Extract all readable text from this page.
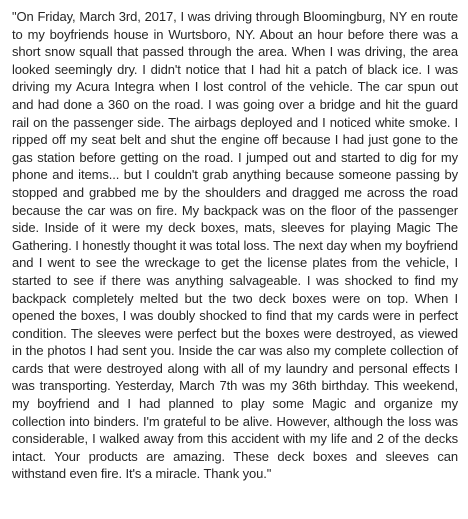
"On Friday, March 3rd, 2017, I was driving through Bloomingburg, NY en route to my boyfriends house in Wurtsboro, NY. About an hour before there was a short snow squall that passed through the area. When I was driving, the area looked seemingly dry. I didn't notice that I had hit a patch of black ice. I was driving my Acura Integra when I lost control of the vehicle. The car spun out and had done a 360 on the road. I was going over a bridge and hit the guard rail on the passenger side. The airbags deployed and I noticed white smoke. I ripped off my seat belt and shut the engine off because I had just gone to the gas station before getting on the road. I jumped out and started to dig for my phone and items... but I couldn't grab anything because someone passing by stopped and grabbed me by the shoulders and dragged me across the road because the car was on fire. My backpack was on the floor of the passenger side. Inside of it were my deck boxes, mats, sleeves for playing Magic The Gathering. I honestly thought it was total loss. The next day when my boyfriend and I went to see the wreckage to get the license plates from the vehicle, I started to see if there was anything salvageable. I was shocked to find my backpack completely melted but the two deck boxes were on top. When I opened the boxes, I was doubly shocked to find that my cards were in perfect condition. The sleeves were perfect but the boxes were destroyed, as viewed in the photos I had sent you. Inside the car was also my complete collection of cards that were destroyed along with all of my laundry and personal effects I was transporting. Yesterday, March 7th was my 36th birthday. This weekend, my boyfriend and I had planned to play some Magic and organize my collection into binders. I'm grateful to be alive. However, although the loss was considerable, I walked away from this accident with my life and 2 of the decks intact. Your products are amazing. These deck boxes and sleeves can withstand even fire. It's a miracle. Thank you."
